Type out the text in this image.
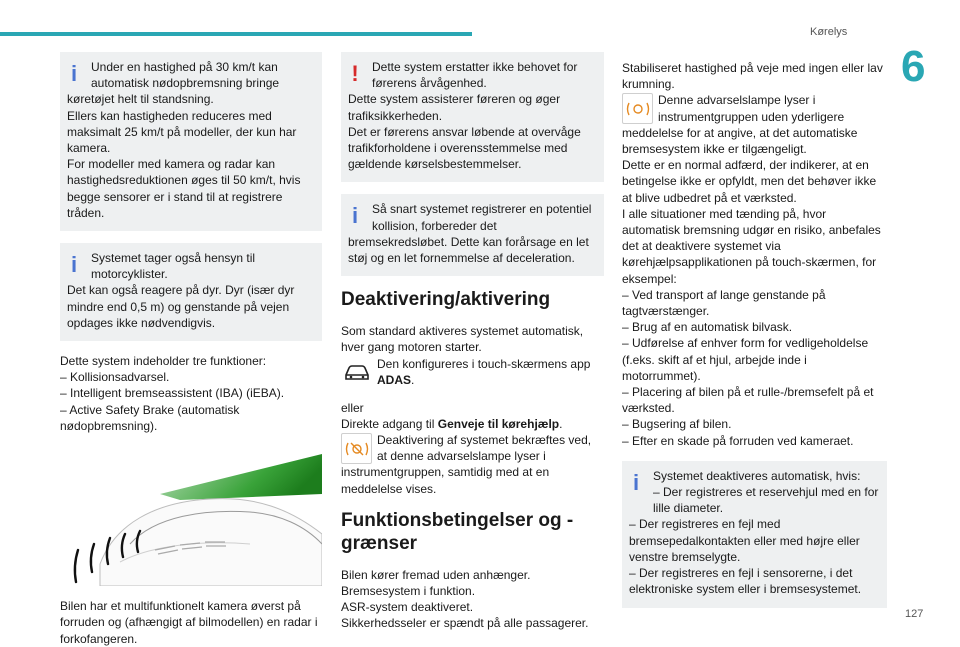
Kørelys
6
127
i	Under en hastighed på 30 km/t kan automatisk nødopbremsning bringe

køretøjet helt til standsning.

Ellers kan hastigheden reduceres med maksimalt 25 km/t på modeller, der kun har kamera.

For modeller med kamera og radar kan hastighedsreduktionen øges til 50 km/t, hvis begge sensorer er i stand til at registrere tråden.

i	Systemet tager også hensyn til motorcyklister.

Det kan også reagere på dyr. Dyr (især dyr mindre end 0,5 m) og genstande på vejen opdages ikke nødvendigvis.

Dette system indeholder tre funktioner:
– Kollisionsadvarsel.
– Intelligent bremseassistent (IBA) (iEBA).
– Active Safety Brake (automatisk nødopbremsning).

Bilen har et multifunktionelt kamera øverst på forruden og (afhængigt af bilmodellen) en radar i forkofangeren.

!	Dette system erstatter ikke behovet for førerens årvågenhed.

Dette system assisterer føreren og øger trafiksikkerheden.

Det er førerens ansvar løbende at overvåge trafikforholdene i overensstemmelse med gældende kørselsbestemmelser.

i	Så snart systemet registrerer en potentiel kollision, forbereder det

bremsekredsløbet. Dette kan forårsage en let støj og en let fornemmelse af deceleration.

Deaktivering/aktivering

Som standard aktiveres systemet automatisk, hver gang motoren starter.

Den konfigureres i touch-skærmens app ADAS.

eller

Direkte adgang til Genveje til kørehjælp.

Deaktivering af systemet bekræftes ved,
at denne advarselslampe lyser i

instrumentgruppen, samtidig med at en meddelelse vises.

Funktionsbetingelser og -grænser
Bilen kører fremad uden anhænger.
Bremsesystem i funktion.
ASR-system deaktiveret.
Sikkerhedsseler er spændt på alle passagerer.

Stabiliseret hastighed på veje med ingen eller lav krumning.

Denne advarselslampe lyser i
instrumentgruppen uden yderligere

meddelelse for at angive, at det automatiske bremsesystem ikke er tilgængeligt.

Dette er en normal adfærd, der indikerer, at en betingelse ikke er opfyldt, men det behøver ikke at blive udbedret på et værksted.

I alle situationer med tænding på, hvor automatisk bremsning udgør en risiko, anbefales det at deaktivere systemet via kørehjælpsapplikationen på touch-skærmen, for eksempel:

– Ved transport af lange genstande på tagtværstænger.
– Brug af en automatisk bilvask.
– Udførelse af enhver form for vedligeholdelse (f.eks. skift af et hjul, arbejde inde i motorrummet).
– Placering af bilen på et rulle-/bremsefelt på et værksted.
– Bugsering af bilen.
– Efter en skade på forruden ved kameraet.
i	Systemet deaktiveres automatisk, hvis:

– Der registreres et reservehjul med en for lille diameter.

– Der registreres en fejl med bremsepedalkontakten eller med højre eller venstre bremselygte.

– Der registreres en fejl i sensorerne, i det elektroniske system eller i bremsesystemet.
